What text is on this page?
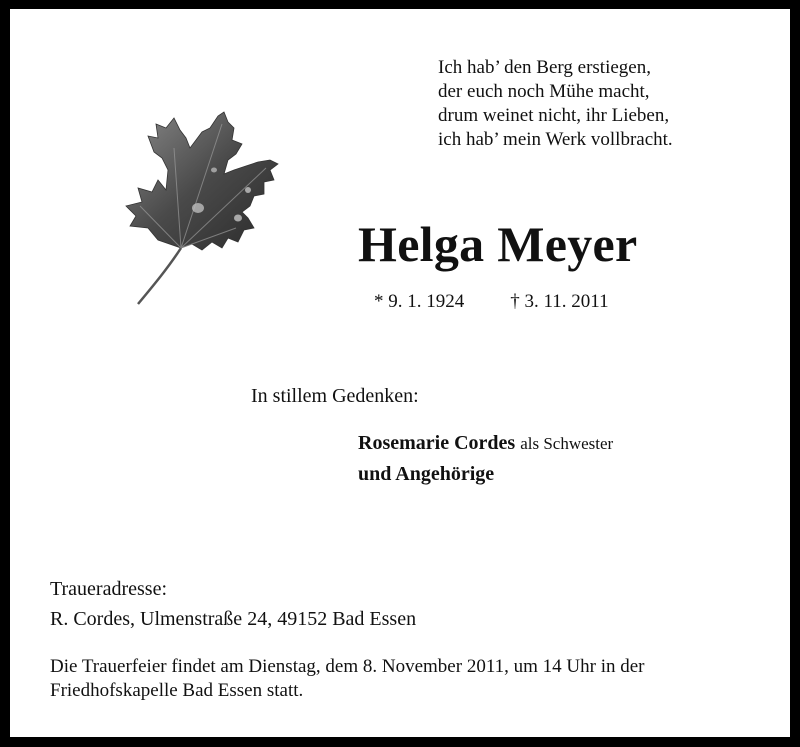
Ich hab’ den Berg erstiegen,
der euch noch Mühe macht,
drum weinet nicht, ihr Lieben,
ich hab’ mein Werk vollbracht.
Helga Meyer
* 9. 1. 1924 † 3. 11. 2011
In stillem Gedenken:
Rosemarie Cordes als Schwester
und Angehörige
Traueradresse:
R. Cordes, Ulmenstraße 24, 49152 Bad Essen
Die Trauerfeier findet am Dienstag, dem 8. November 2011, um 14 Uhr in der
Friedhofskapelle Bad Essen statt.
